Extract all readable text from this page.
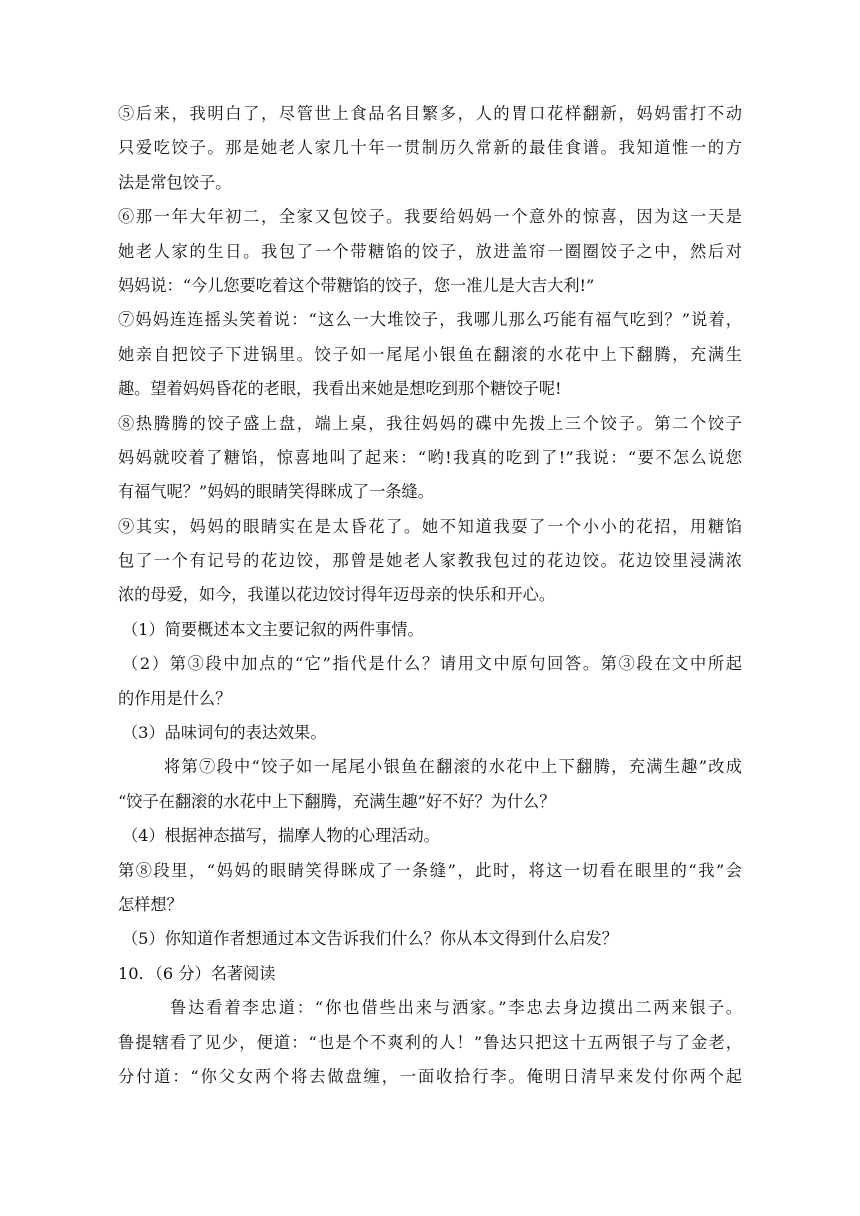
⑤后来，我明白了，尽管世上食品名目繁多，人的胃口花样翻新，妈妈雷打不动
只爱吃饺子。那是她老人家几十年一贯制历久常新的最佳食谱。我知道惟一的方
法是常包饺子。
⑥那一年大年初二，全家又包饺子。我要给妈妈一个意外的惊喜，因为这一天是
她老人家的生日。我包了一个带糖馅的饺子，放进盖帘一圈圈饺子之中，然后对
妈妈说：“今儿您要吃着这个带糖馅的饺子，您一准儿是大吉大利!”
⑦妈妈连连摇头笑着说：“这么一大堆饺子，我哪儿那么巧能有福气吃到？”说着，
她亲自把饺子下进锅里。饺子如一尾尾小银鱼在翻滚的水花中上下翻腾，充满生
趣。望着妈妈昏花的老眼，我看出来她是想吃到那个糖饺子呢!
⑧热腾腾的饺子盛上盘，端上桌，我往妈妈的碟中先拨上三个饺子。第二个饺子
妈妈就咬着了糖馅，惊喜地叫了起来：“哟!我真的吃到了!”我说：“要不怎么说您
有福气呢？”妈妈的眼睛笑得眯成了一条缝。
⑨其实，妈妈的眼睛实在是太昏花了。她不知道我耍了一个小小的花招，用糖馅
包了一个有记号的花边饺，那曾是她老人家教我包过的花边饺。花边饺里浸满浓
浓的母爱，如今，我谨以花边饺讨得年迈母亲的快乐和开心。
（1）简要概述本文主要记叙的两件事情。
（2）第③段中加点的“它”指代是什么？请用文中原句回答。第③段在文中所起
的作用是什么？
（3）品味词句的表达效果。
将第⑦段中“饺子如一尾尾小银鱼在翻滚的水花中上下翻腾，充满生趣”改成
“饺子在翻滚的水花中上下翻腾，充满生趣”好不好？为什么？
（4）根据神态描写，揣摩人物的心理活动。
第⑧段里，“妈妈的眼睛笑得眯成了一条缝”，此时，将这一切看在眼里的“我”会
怎样想？
（5）你知道作者想通过本文告诉我们什么？你从本文得到什么启发？
10．（6 分）名著阅读
鲁达看着李忠道：“你也借些出来与洒家。”李忠去身边摸出二两来银子。
鲁提辖看了见少，便道：“也是个不爽利的人！”鲁达只把这十五两银子与了金老，
分付道：“你父女两个将去做盘缠，一面收拾行李。俺明日清早来发付你两个起
